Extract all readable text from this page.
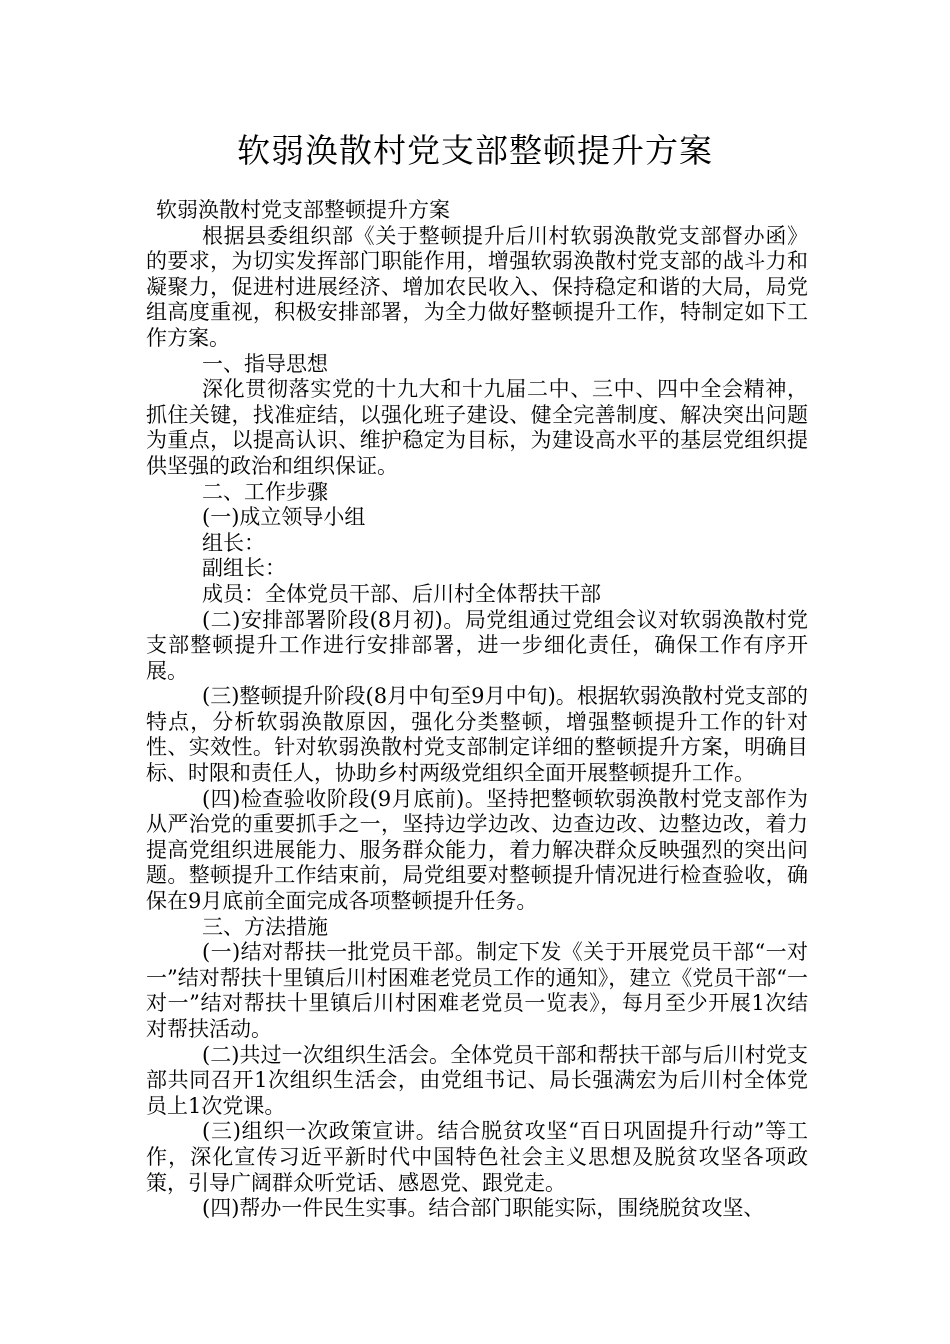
软弱涣散村党支部整顿提升方案

软弱涣散村党支部整顿提升方案

根据县委组织部《关于整顿提升后川村软弱涣散党支部督办函》的要求，为切实发挥部门职能作用，增强软弱涣散村党支部的战斗力和凝聚力，促进村进展经济、增加农民收入、保持稳定和谐的大局，局党组高度重视，积极安排部署，为全力做好整顿提升工作，特制定如下工作方案。

一、指导思想

深化贯彻落实党的十九大和十九届二中、三中、四中全会精神，抓住关键，找准症结，以强化班子建设、健全完善制度、解决突出问题为重点，以提高认识、维护稳定为目标，为建设高水平的基层党组织提供坚强的政治和组织保证。

二、工作步骤

(一)成立领导小组

组长：

副组长：

成员：全体党员干部、后川村全体帮扶干部

(二)安排部署阶段(8月初)。局党组通过党组会议对软弱涣散村党支部整顿提升工作进行安排部署，进一步细化责任，确保工作有序开展。

(三)整顿提升阶段(8月中旬至9月中旬)。根据软弱涣散村党支部的特点，分析软弱涣散原因，强化分类整顿，增强整顿提升工作的针对性、实效性。针对软弱涣散村党支部制定详细的整顿提升方案，明确目标、时限和责任人，协助乡村两级党组织全面开展整顿提升工作。

(四)检查验收阶段(9月底前)。坚持把整顿软弱涣散村党支部作为从严治党的重要抓手之一，坚持边学边改、边查边改、边整边改，着力提高党组织进展能力、服务群众能力，着力解决群众反映强烈的突出问题。整顿提升工作结束前，局党组要对整顿提升情况进行检查验收，确保在9月底前全面完成各项整顿提升任务。

三、方法措施

(一)结对帮扶一批党员干部。制定下发《关于开展党员干部“一对一”结对帮扶十里镇后川村困难老党员工作的通知》，建立《党员干部“一对一”结对帮扶十里镇后川村困难老党员一览表》，每月至少开展1次结对帮扶活动。

(二)共过一次组织生活会。全体党员干部和帮扶干部与后川村党支部共同召开1次组织生活会，由党组书记、局长强满宏为后川村全体党员上1次党课。

(三)组织一次政策宣讲。结合脱贫攻坚“百日巩固提升行动”等工作，深化宣传习近平新时代中国特色社会主义思想及脱贫攻坚各项政策，引导广阔群众听党话、感恩党、跟党走。

(四)帮办一件民生实事。结合部门职能实际，围绕脱贫攻坚、
